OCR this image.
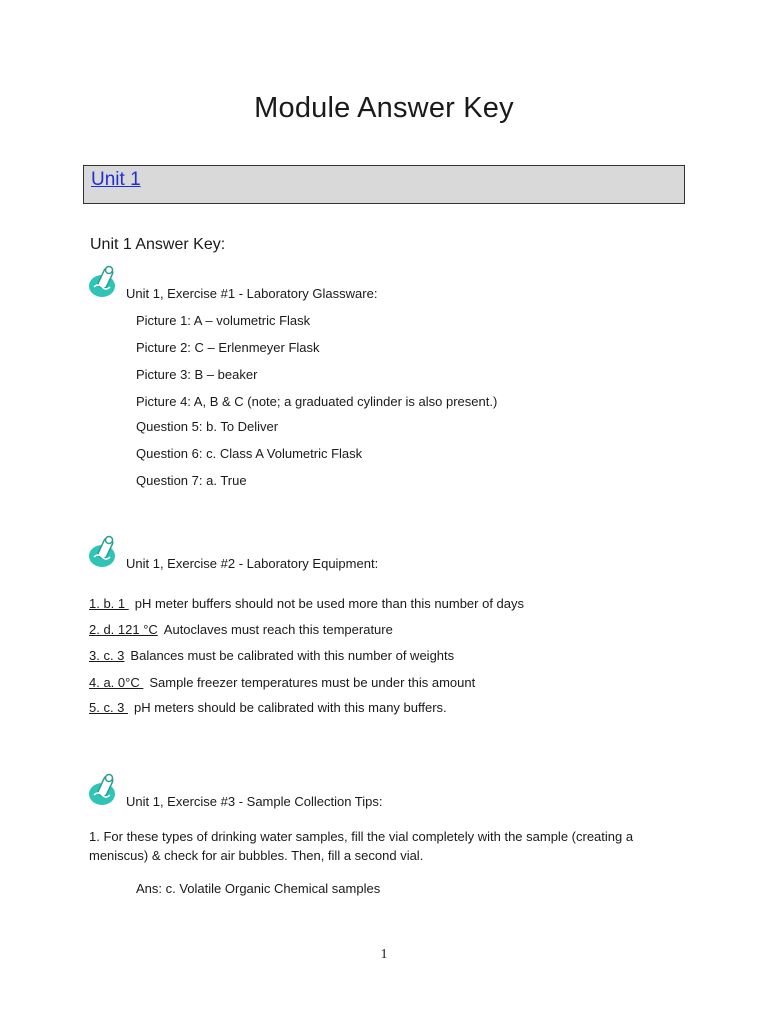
Module Answer Key
Unit 1
Unit 1 Answer Key:
Unit 1, Exercise #1 - Laboratory Glassware:
Picture 1: A – volumetric Flask
Picture 2: C – Erlenmeyer Flask
Picture 3: B – beaker
Picture 4: A, B & C (note; a graduated cylinder is also present.)
Question 5: b. To Deliver
Question 6: c. Class A Volumetric Flask
Question 7: a. True
Unit 1, Exercise #2 - Laboratory Equipment:
1. b. 1 pH meter buffers should not be used more than this number of days
2. d. 121 °C Autoclaves must reach this temperature
3. c. 3 Balances must be calibrated with this number of weights
4. a. 0°C Sample freezer temperatures must be under this amount
5. c. 3 pH meters should be calibrated with this many buffers.
Unit 1, Exercise #3 - Sample Collection Tips:
1. For these types of drinking water samples, fill the vial completely with the sample (creating a meniscus) & check for air bubbles. Then, fill a second vial.
Ans: c. Volatile Organic Chemical samples
1
